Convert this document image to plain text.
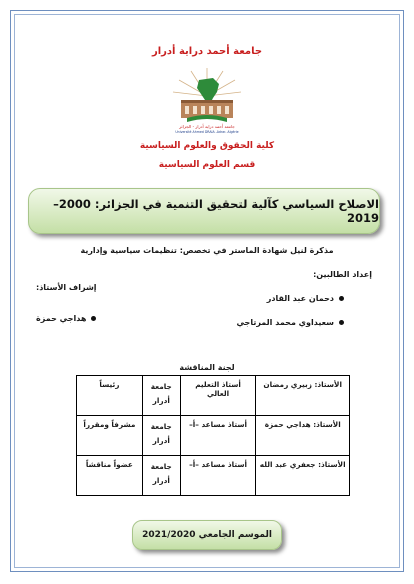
جامعة أحمد دراية أدرار
جامعة أحمد دراية أدرار - الجزائر
Université Ahmed DRAIA -Adrar- Algérie
كلية الحقوق والعلوم السياسية
قسم العلوم السياسية
الاصلاح السياسي كآلية لتحقيق التنمية في الجزائر: 2000– 2019
مذكرة لنيل شهادة الماستر في تخصص: تنظيمات سياسية وإدارية
إعداد الطالبين:
إشراف الأستاذ:
دحمان عبد القادر
سعيداوي محمد المرتاجي
هداجي حمزة
لجنة المناقشة
الأستاذ: زبيري رمضان	أستاذ التعليم العالي	جامعة أدرار	رئيساً
الأستاذ: هداجي حمزة	أستاذ مساعد –أ–	جامعة أدرار	مشرفاً ومقرراً
الأستاذ: جعفري عبد الله	أستاذ مساعد –أ–	جامعة أدرار	عضواً مناقشاً
الموسم الجامعي 2021/2020
